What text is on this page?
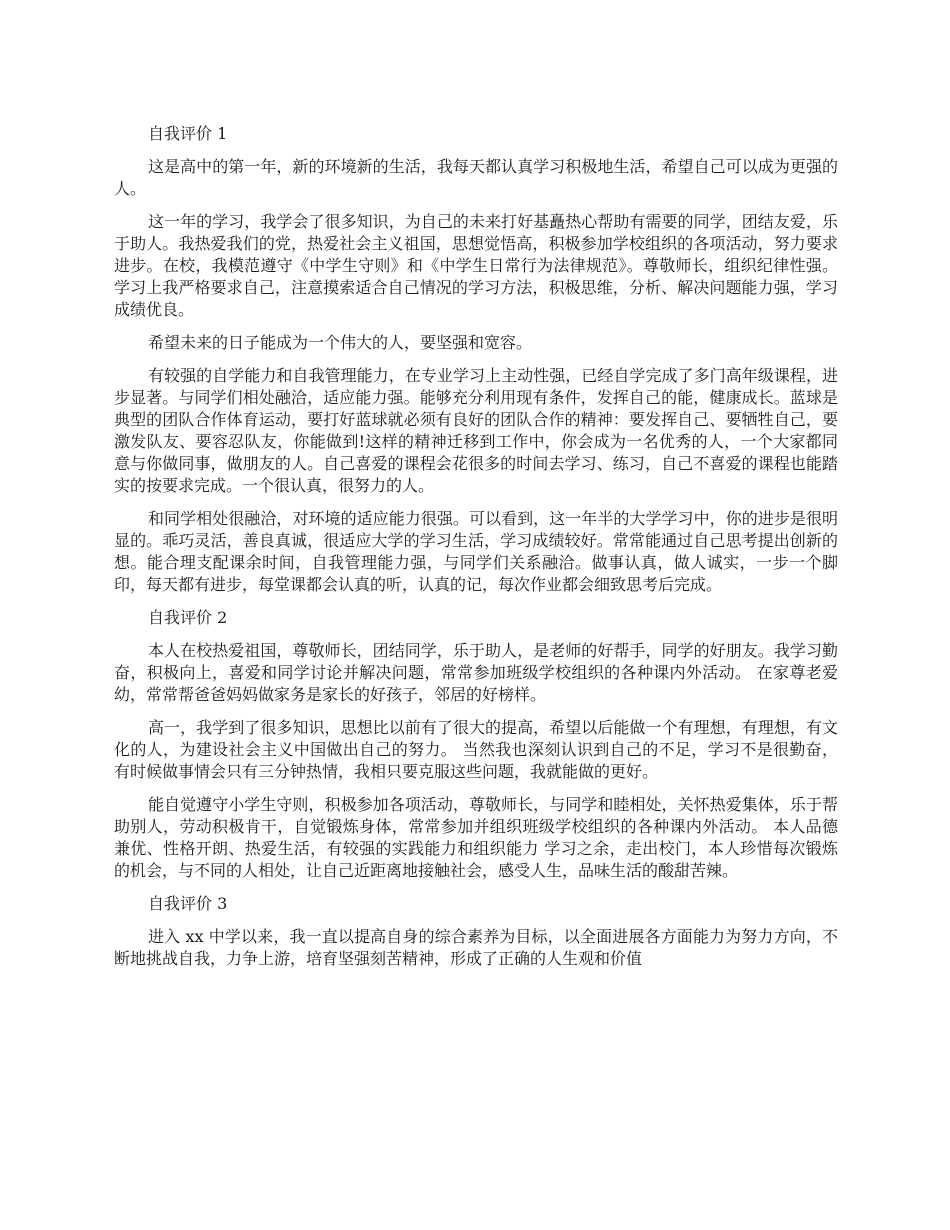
自我评价 1

这是高中的第一年，新的环境新的生活，我每天都认真学习积极地生活，希望自己可以成为更强的人。

这一年的学习，我学会了很多知识，为自己的未来打好基矗热心帮助有需要的同学，团结友爱，乐于助人。我热爱我们的党，热爱社会主义祖国，思想觉悟高，积极参加学校组织的各项活动，努力要求进步。在校，我模范遵守《中学生守则》和《中学生日常行为法律规范》。尊敬师长，组织纪律性强。学习上我严格要求自己，注意摸索适合自己情况的学习方法，积极思维，分析、解决问题能力强，学习成绩优良。

希望未来的日子能成为一个伟大的人，要坚强和宽容。

有较强的自学能力和自我管理能力，在专业学习上主动性强，已经自学完成了多门高年级课程，进步显著。与同学们相处融洽，适应能力强。能够充分利用现有条件，发挥自己的能，健康成长。蓝球是典型的团队合作体育运动，要打好蓝球就必须有良好的团队合作的精神：要发挥自己、要牺牲自己，要激发队友、要容忍队友，你能做到!这样的精神迁移到工作中，你会成为一名优秀的人，一个大家都同意与你做同事，做朋友的人。自己喜爱的课程会花很多的时间去学习、练习，自己不喜爱的课程也能踏实的按要求完成。一个很认真，很努力的人。

和同学相处很融洽，对环境的适应能力很强。可以看到，这一年半的大学学习中，你的进步是很明显的。乖巧灵活，善良真诚，很适应大学的学习生活，学习成绩较好。常常能通过自己思考提出创新的想。能合理支配课余时间，自我管理能力强，与同学们关系融洽。做事认真，做人诚实，一步一个脚印，每天都有进步，每堂课都会认真的听，认真的记，每次作业都会细致思考后完成。

自我评价 2

本人在校热爱祖国，尊敬师长，团结同学，乐于助人，是老师的好帮手，同学的好朋友。我学习勤奋，积极向上，喜爱和同学讨论并解决问题，常常参加班级学校组织的各种课内外活动。 在家尊老爱幼，常常帮爸爸妈妈做家务是家长的好孩子，邻居的好榜样。

高一，我学到了很多知识，思想比以前有了很大的提高，希望以后能做一个有理想，有理想，有文化的人，为建设社会主义中国做出自己的努力。 当然我也深刻认识到自己的不足，学习不是很勤奋，有时候做事情会只有三分钟热情，我相只要克服这些问题，我就能做的更好。

能自觉遵守小学生守则，积极参加各项活动，尊敬师长，与同学和睦相处，关怀热爱集体，乐于帮助别人，劳动积极肯干，自觉锻炼身体，常常参加并组织班级学校组织的各种课内外活动。 本人品德兼优、性格开朗、热爱生活，有较强的实践能力和组织能力 学习之余，走出校门，本人珍惜每次锻炼的机会，与不同的人相处，让自己近距离地接触社会，感受人生，品味生活的酸甜苦辣。

自我评价 3

进入 xx 中学以来，我一直以提高自身的综合素养为目标，以全面进展各方面能力为努力方向，不断地挑战自我，力争上游，培育坚强刻苦精神，形成了正确的人生观和价值
